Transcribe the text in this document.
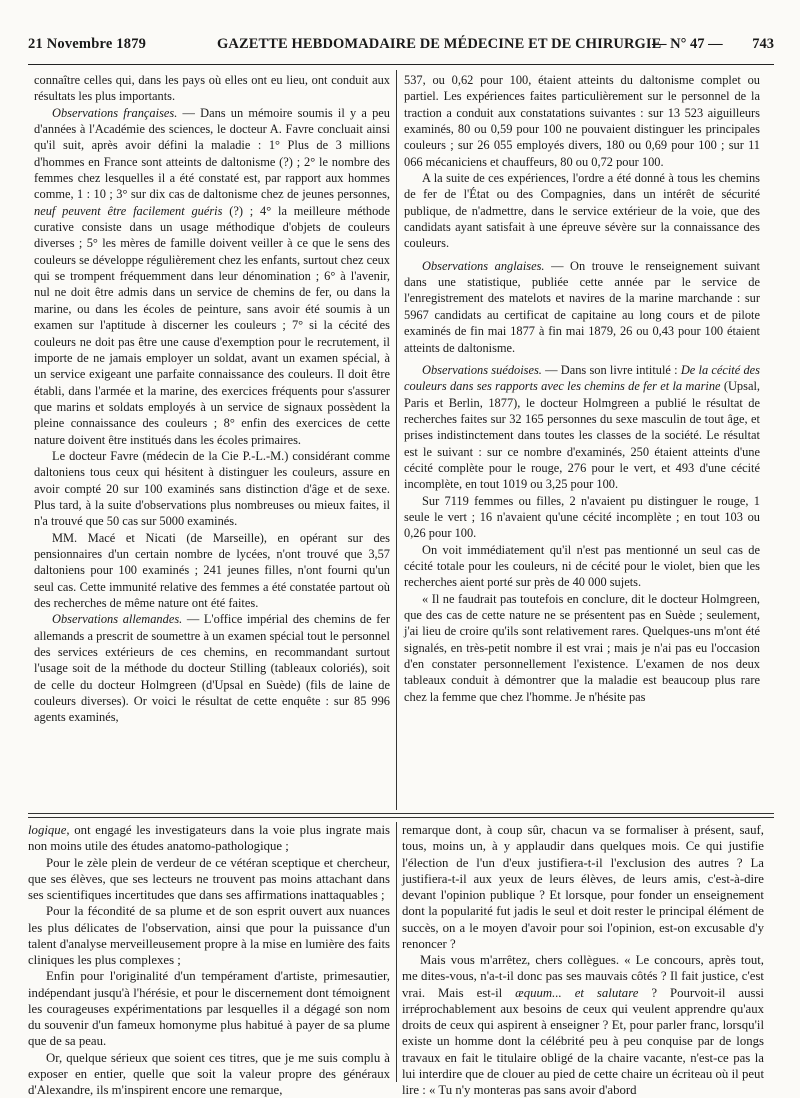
21 Novembre 1879	GAZETTE HEBDOMADAIRE DE MÉDECINE ET DE CHIRURGIE
— N° 47 — 743

connaître celles qui, dans les pays où elles ont eu lieu, ont conduit aux résultats les plus importants.

Observations françaises. — Dans un mémoire soumis il y a peu d'années à l'Académie des sciences, le docteur A. Favre concluait ainsi qu'il suit, après avoir défini la maladie : 1° Plus de 3 millions d'hommes en France sont atteints de daltonisme (?) ; 2° le nombre des femmes chez lesquelles il a été constaté est, par rapport aux hommes comme, 1 : 10 ; 3° sur dix cas de daltonisme chez de jeunes personnes, neuf peuvent être facilement guéris (?) ; 4° la meilleure méthode curative consiste dans un usage méthodique d'objets de couleurs diverses ; 5° les mères de famille doivent veiller à ce que le sens des couleurs se développe régulièrement chez les enfants, surtout chez ceux qui se trompent fréquemment dans leur dénomination ; 6° à l'avenir, nul ne doit être admis dans un service de chemins de fer, ou dans la marine, ou dans les écoles de peinture, sans avoir été soumis à un examen sur l'aptitude à discerner les couleurs ; 7° si la cécité des couleurs ne doit pas être une cause d'exemption pour le recrutement, il importe de ne jamais employer un soldat, avant un examen spécial, à un service exigeant une parfaite connaissance des couleurs. Il doit être établi, dans l'armée et la marine, des exercices fréquents pour s'assurer que marins et soldats employés à un service de signaux possèdent la pleine connaissance des couleurs ; 8° enfin des exercices de cette nature doivent être institués dans les écoles primaires.

Le docteur Favre (médecin de la Cie P.-L.-M.) considérant comme daltoniens tous ceux qui hésitent à distinguer les couleurs, assure en avoir compté 20 sur 100 examinés sans distinction d'âge et de sexe. Plus tard, à la suite d'observations plus nombreuses ou mieux faites, il n'a trouvé que 50 cas sur 5000 examinés.

MM. Macé et Nicati (de Marseille), en opérant sur des pensionnaires d'un certain nombre de lycées, n'ont trouvé que 3,57 daltoniens pour 100 examinés ; 241 jeunes filles, n'ont fourni qu'un seul cas. Cette immunité relative des femmes a été constatée partout où des recherches de même nature ont été faites.

Observations allemandes. — L'office impérial des chemins de fer allemands a prescrit de soumettre à un examen spécial tout le personnel des services extérieurs de ces chemins, en recommandant surtout l'usage soit de la méthode du docteur Stilling (tableaux coloriés), soit de celle du docteur Holmgreen (d'Upsal en Suède) (fils de laine de couleurs diverses). Or voici le résultat de cette enquête : sur 85 996 agents examinés,

537, ou 0,62 pour 100, étaient atteints du daltonisme complet ou partiel. Les expériences faites particulièrement sur le personnel de la traction a conduit aux constatations suivantes : sur 13 523 aiguilleurs examinés, 80 ou 0,59 pour 100 ne pouvaient distinguer les principales couleurs ; sur 26 055 employés divers, 180 ou 0,69 pour 100 ; sur 11 066 mécaniciens et chauffeurs, 80 ou 0,72 pour 100.

A la suite de ces expériences, l'ordre a été donné à tous les chemins de fer de l'État ou des Compagnies, dans un intérêt de sécurité publique, de n'admettre, dans le service extérieur de la voie, que des candidats ayant satisfait à une épreuve sévère sur la connaissance des couleurs.

Observations anglaises. — On trouve le renseignement suivant dans une statistique, publiée cette année par le service de l'enregistrement des matelots et navires de la marine marchande : sur 5967 candidats au certificat de capitaine au long cours et de pilote examinés de fin mai 1877 à fin mai 1879, 26 ou 0,43 pour 100 étaient atteints de daltonisme.

Observations suédoises. — Dans son livre intitulé : De la cécité des couleurs dans ses rapports avec les chemins de fer et la marine (Upsal, Paris et Berlin, 1877), le docteur Holmgreen a publié le résultat de recherches faites sur 32 165 personnes du sexe masculin de tout âge, et prises indistinctement dans toutes les classes de la société. Le résultat est le suivant : sur ce nombre d'examinés, 250 étaient atteints d'une cécité complète pour le rouge, 276 pour le vert, et 493 d'une cécité incomplète, en tout 1019 ou 3,25 pour 100.

Sur 7119 femmes ou filles, 2 n'avaient pu distinguer le rouge, 1 seule le vert ; 16 n'avaient qu'une cécité incomplète ; en tout 103 ou 0,26 pour 100.

On voit immédiatement qu'il n'est pas mentionné un seul cas de cécité totale pour les couleurs, ni de cécité pour le violet, bien que les recherches aient porté sur près de 40 000 sujets.

« Il ne faudrait pas toutefois en conclure, dit le docteur Holmgreen, que des cas de cette nature ne se présentent pas en Suède ; seulement, j'ai lieu de croire qu'ils sont relativement rares. Quelques-uns m'ont été signalés, en très-petit nombre il est vrai ; mais je n'ai pas eu l'occasion d'en constater personnellement l'existence. L'examen de nos deux tableaux conduit à démontrer que la maladie est beaucoup plus rare chez la femme que chez l'homme. Je n'hésite pas

logique, ont engagé les investigateurs dans la voie plus ingrate mais non moins utile des études anatomo-pathologique ;

Pour le zèle plein de verdeur de ce vétéran sceptique et chercheur, que ses élèves, que ses lecteurs ne trouvent pas moins attachant dans ses scientifiques incertitudes que dans ses affirmations inattaquables ;

Pour la fécondité de sa plume et de son esprit ouvert aux nuances les plus délicates de l'observation, ainsi que pour la puissance d'un talent d'analyse merveilleusement propre à la mise en lumière des faits cliniques les plus complexes ;

Enfin pour l'originalité d'un tempérament d'artiste, primesautier, indépendant jusqu'à l'hérésie, et pour le discernement dont témoignent les courageuses expérimentations par lesquelles il a dégagé son nom du souvenir d'un fameux homonyme plus habitué à payer de sa plume que de sa peau.

Or, quelque sérieux que soient ces titres, que je me suis complu à exposer en entier, quelle que soit la valeur propre des généraux d'Alexandre, ils m'inspirent encore une remarque,

remarque dont, à coup sûr, chacun va se formaliser à présent, sauf, tous, moins un, à y applaudir dans quelques mois. Ce qui justifie l'élection de l'un d'eux justifiera-t-il l'exclusion des autres ? La justifiera-t-il aux yeux de leurs élèves, de leurs amis, c'est-à-dire devant l'opinion publique ? Et lorsque, pour fonder un enseignement dont la popularité fut jadis le seul et doit rester le principal élément de succès, on a le moyen d'avoir pour soi l'opinion, est-on excusable d'y renoncer ?

Mais vous m'arrêtez, chers collègues. « Le concours, après tout, me dites-vous, n'a-t-il donc pas ses mauvais côtés ? Il fait justice, c'est vrai. Mais est-il æquum... et salutare ? Pourvoit-il aussi irréprochablement aux besoins de ceux qui veulent apprendre qu'aux droits de ceux qui aspirent à enseigner ? Et, pour parler franc, lorsqu'il existe un homme dont la célébrité peu à peu conquise par de longs travaux en fait le titulaire obligé de la chaire vacante, n'est-ce pas la lui interdire que de clouer au pied de cette chaire un écriteau où il peut lire : « Tu n'y monteras pas sans avoir d'abord
